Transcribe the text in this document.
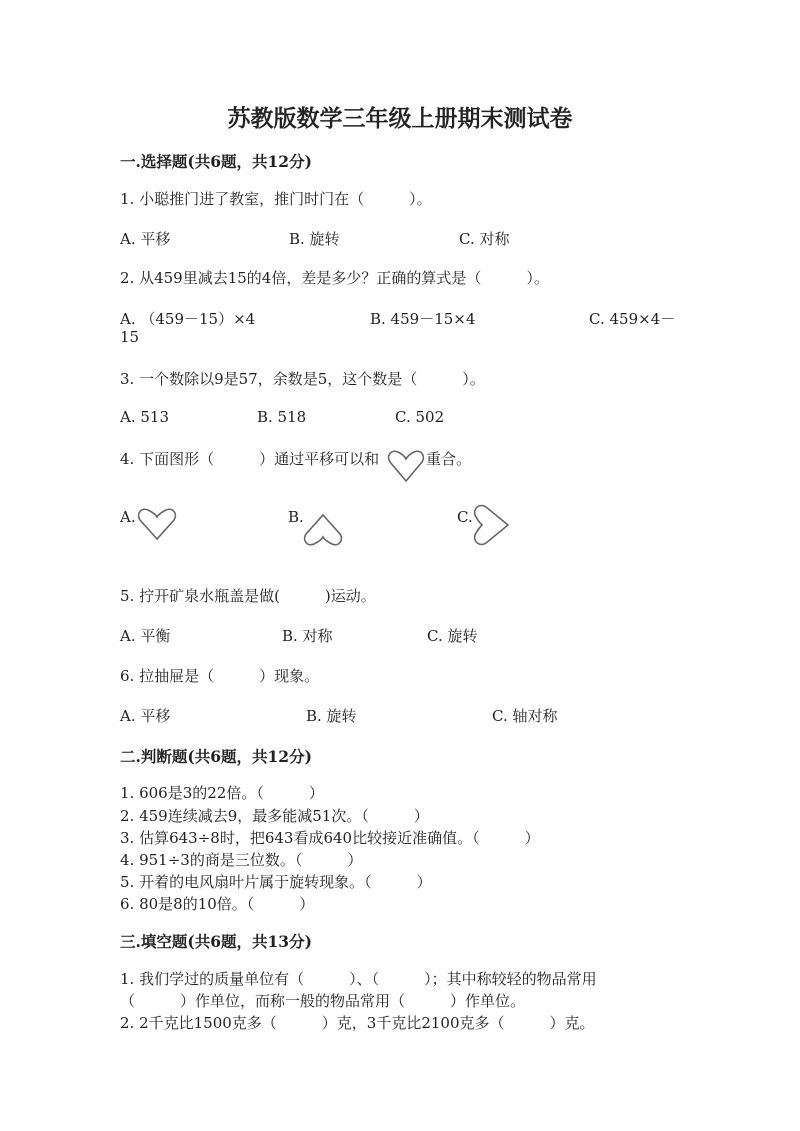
苏教版数学三年级上册期末测试卷
一.选择题(共6题，共12分)
1. 小聪推门进了教室，推门时门在（　　　）。
A. 平移	B. 旋转	C. 对称
2. 从459里减去15的4倍，差是多少？正确的算式是（　　　）。
A. （459－15）×4	B. 459－15×4	C. 459×4－
15
3. 一个数除以9是57，余数是5，这个数是（　　　）。
A. 513	B. 518	C. 502
4. 下面图形（　　　）通过平移可以和	重合。
A.	B.	C.
5. 拧开矿泉水瓶盖是做(　　　)运动。
A. 平衡	B. 对称	C. 旋转
6. 拉抽屉是（　　　）现象。
A. 平移	B. 旋转	C. 轴对称
二.判断题(共6题，共12分)
1. 606是3的22倍。（　　　）
2. 459连续减去9，最多能减51次。（　　　）
3. 估算643÷8时，把643看成640比较接近准确值。（　　　）
4. 951÷3的商是三位数。（　　　）
5. 开着的电风扇叶片属于旋转现象。（　　　）
6. 80是8的10倍。（　　　）
三.填空题(共6题，共13分)
1. 我们学过的质量单位有（　　　）、（　　　）；其中称较轻的物品常用
（　　　）作单位，而称一般的物品常用（　　　）作单位。
2. 2千克比1500克多（　　　）克，3千克比2100克多（　　　）克。
